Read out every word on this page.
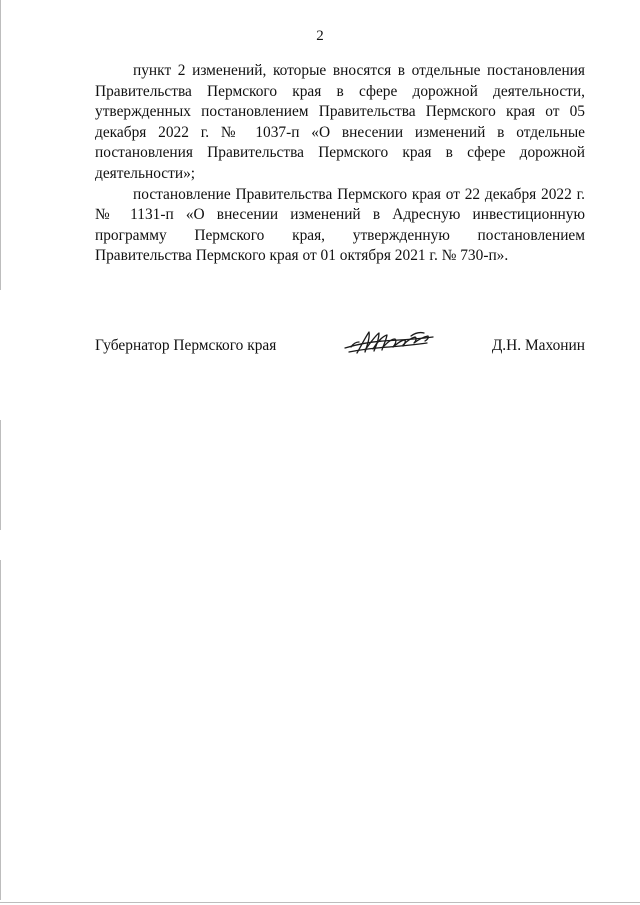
2

пункт 2 изменений, которые вносятся в отдельные постановления Правительства Пермского края в сфере дорожной деятельности, утвержденных постановлением Правительства Пермского края от 05 декабря 2022 г. № 1037-п «О внесении изменений в отдельные постановления Правительства Пермского края в сфере дорожной деятельности»;

постановление Правительства Пермского края от 22 декабря 2022 г. № 1131-п «О внесении изменений в Адресную инвестиционную программу Пермского края, утвержденную постановлением Правительства Пермского края от 01 октября 2021 г. № 730-п».

Губернатор Пермского края	Д.Н. Махонин
